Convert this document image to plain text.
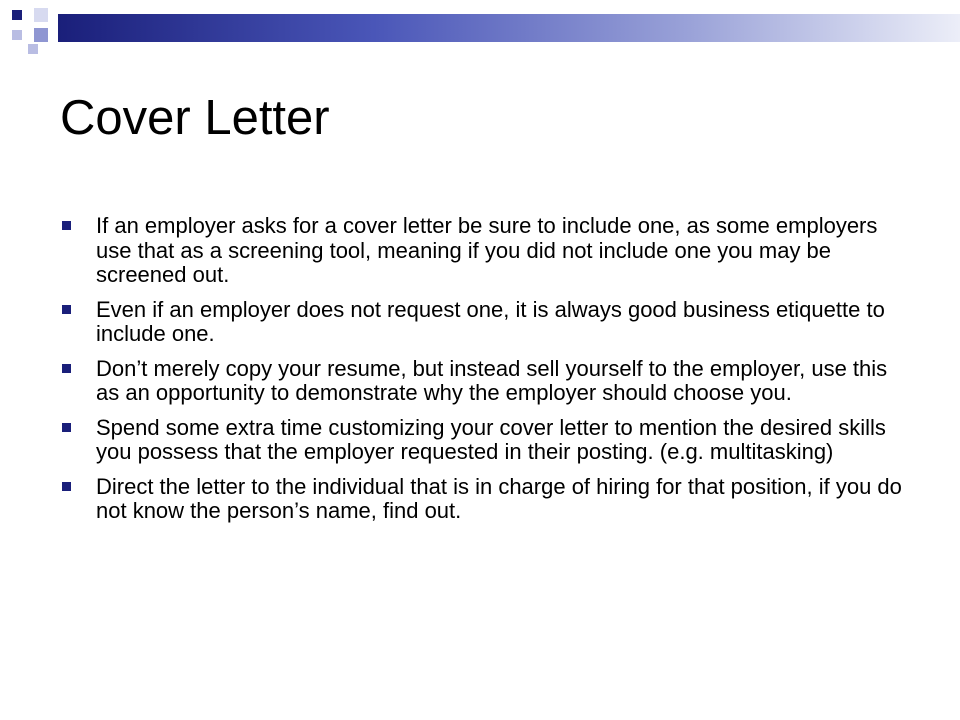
Cover Letter
If an employer asks for a cover letter be sure to include one, as some employers use that as a screening tool, meaning if you did not include one you may be screened out.
Even if an employer does not request one, it is always good business etiquette to include one.
Don’t merely copy your resume, but instead sell yourself to the employer, use this as an opportunity to demonstrate why the employer should choose you.
Spend some extra time customizing your cover letter to mention the desired skills you possess that the employer requested in their posting. (e.g. multitasking)
Direct the letter to the individual that is in charge of hiring for that position, if you do not know the person’s name, find out.
